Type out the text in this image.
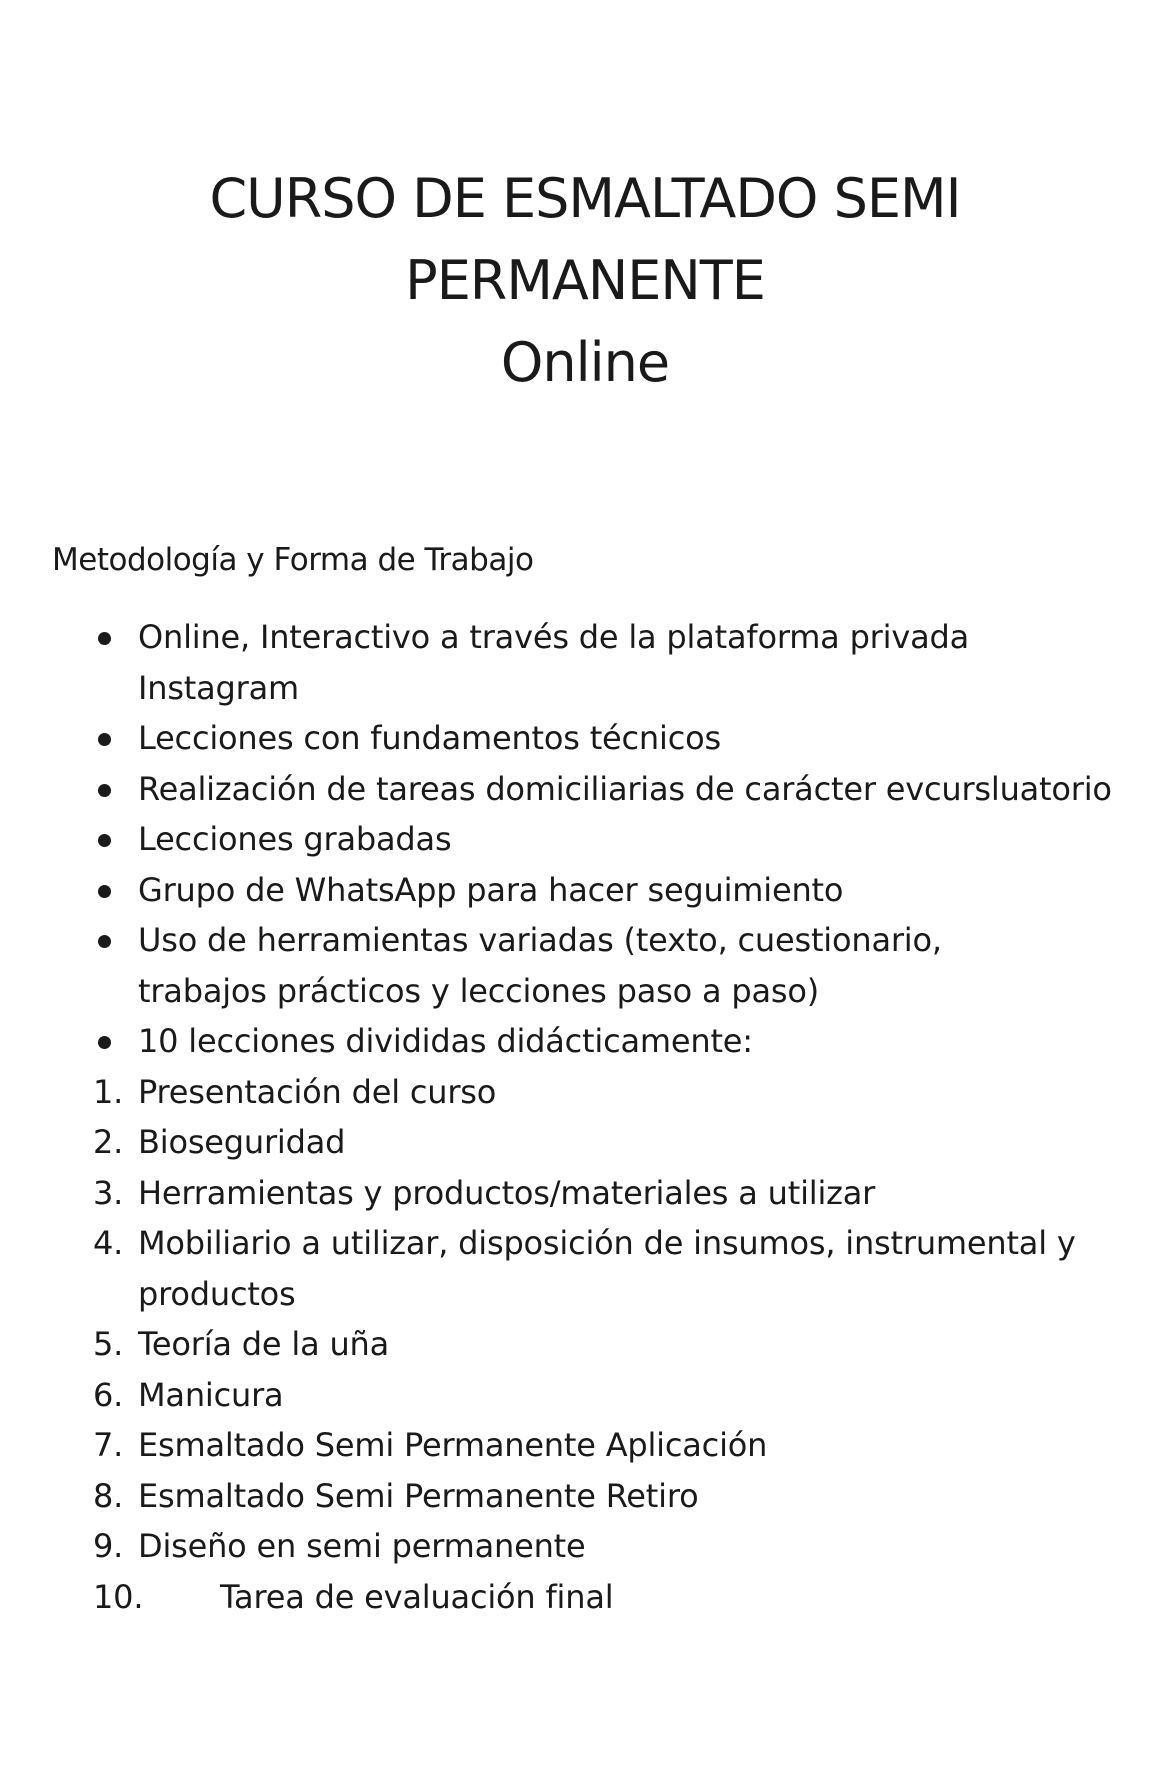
CURSO DE ESMALTADO SEMI
PERMANENTE
Online
Metodología y Forma de Trabajo
Online, Interactivo a través de la plataforma privada Instagram
Lecciones con fundamentos técnicos
Realización de tareas domiciliarias de carácter evcursluatorio
Lecciones grabadas
Grupo de WhatsApp para hacer seguimiento
Uso de herramientas variadas (texto, cuestionario, trabajos prácticos y lecciones paso a paso)
10 lecciones divididas didácticamente:
1. Presentación del curso
2. Bioseguridad
3. Herramientas y productos/materiales a utilizar
4. Mobiliario a utilizar, disposición de insumos, instrumental y productos
5. Teoría de la uña
6. Manicura
7. Esmaltado Semi Permanente Aplicación
8. Esmaltado Semi Permanente Retiro
9. Diseño en semi permanente
10. Tarea de evaluación final
